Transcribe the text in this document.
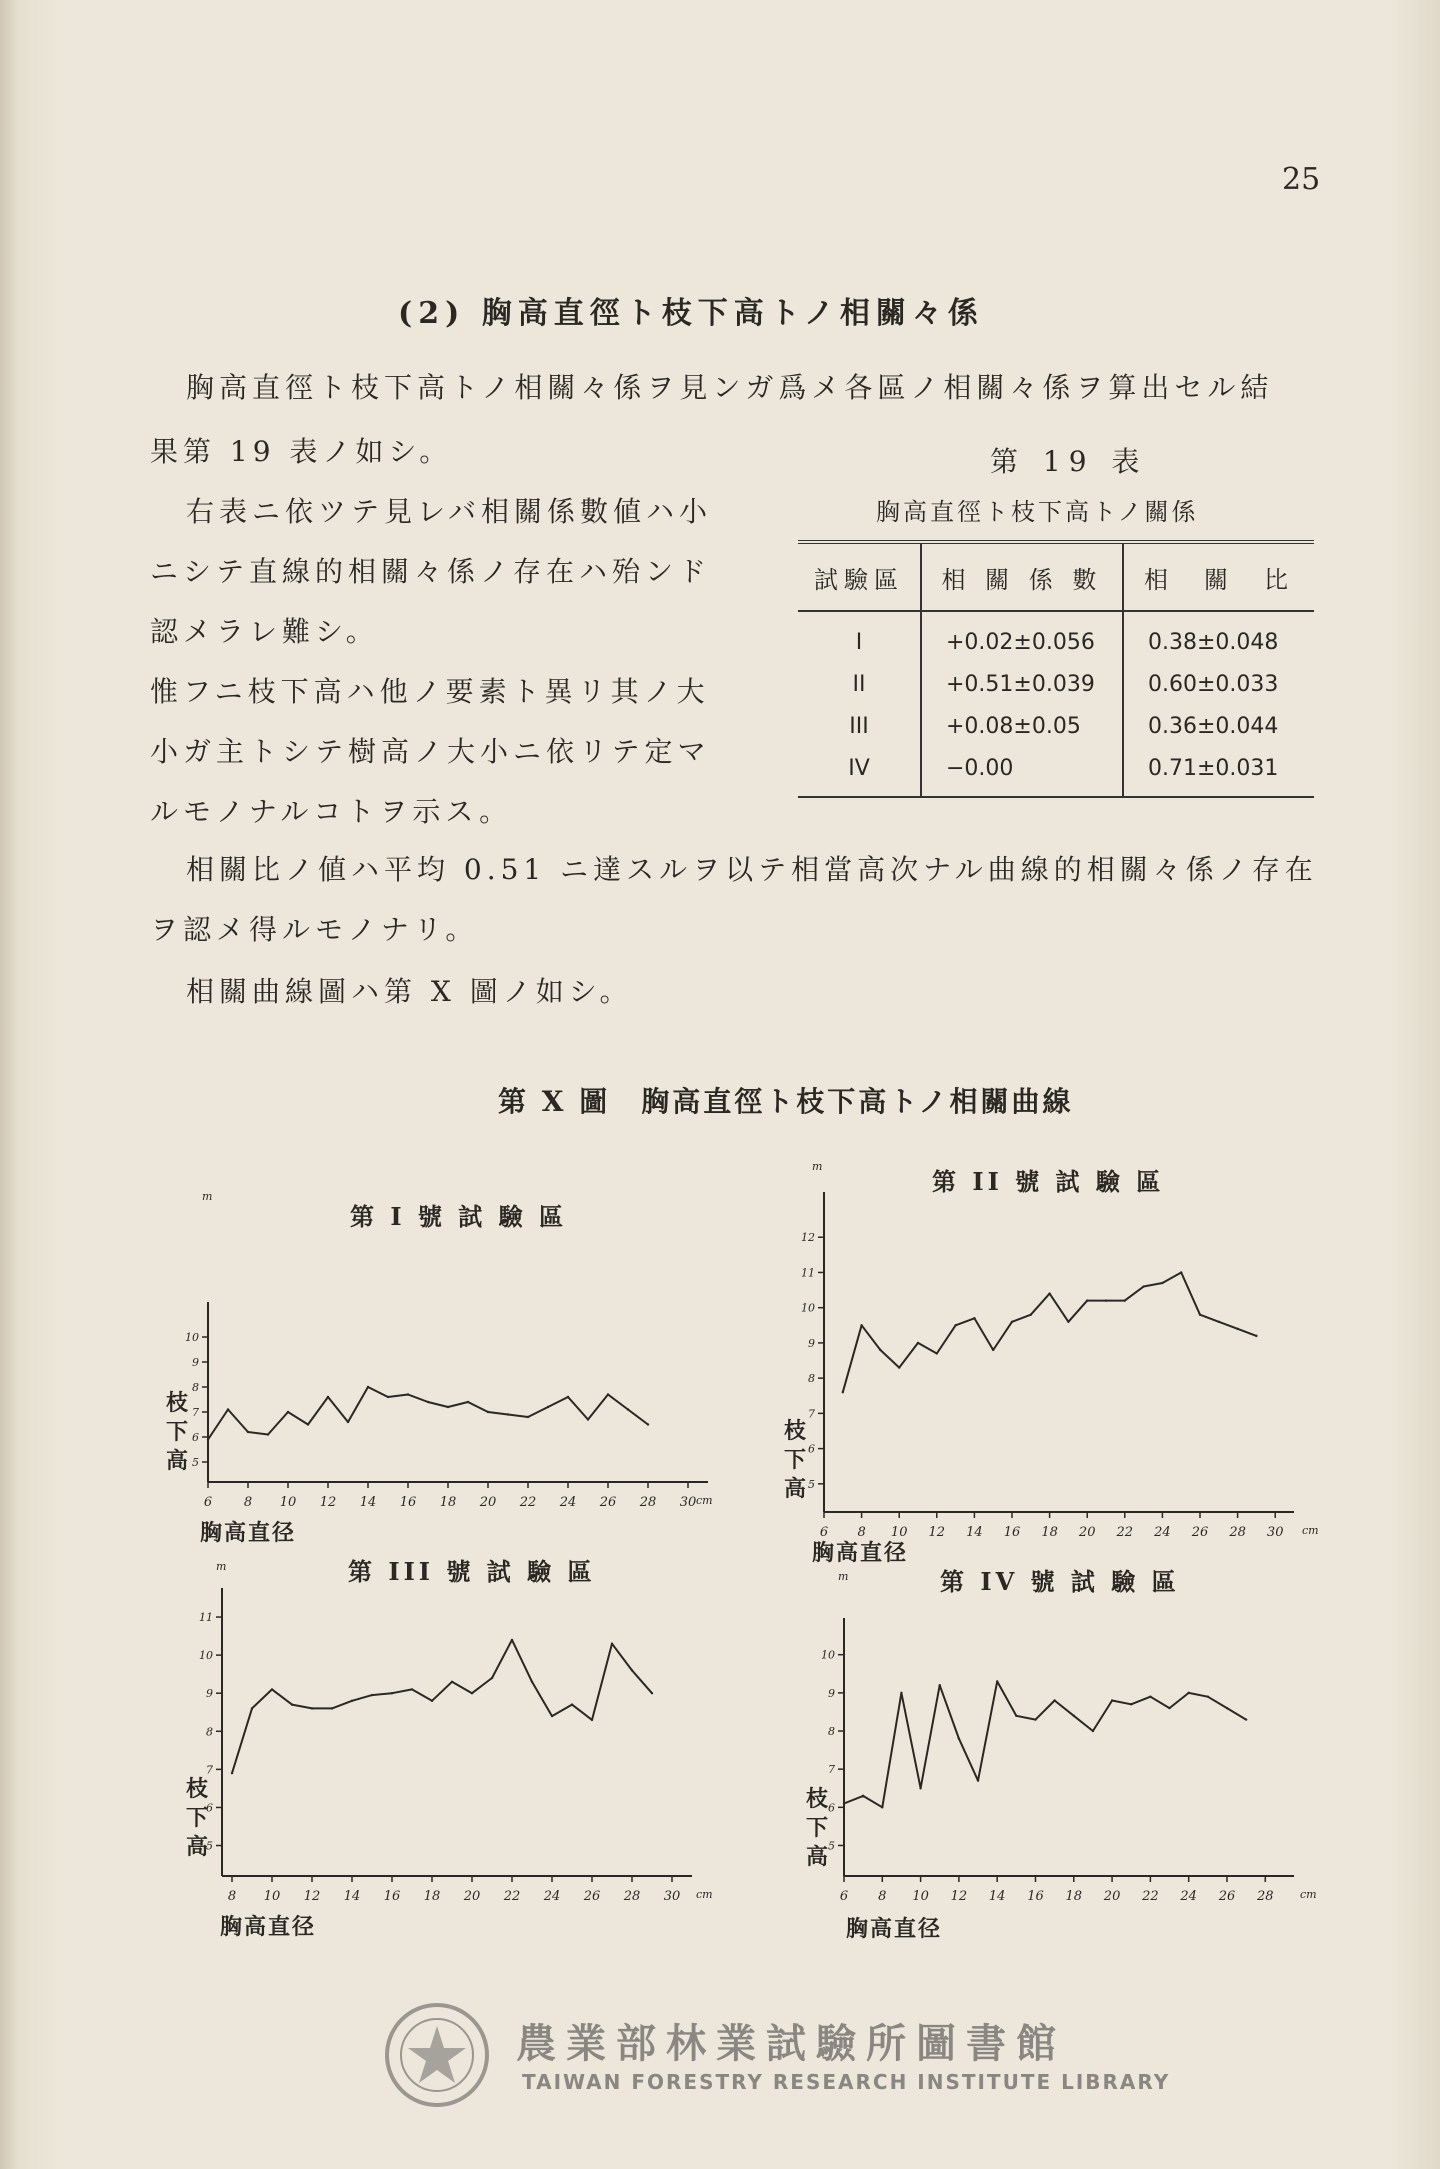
25
(2) 胸高直徑ト枝下高トノ相關々係
胸高直徑ト枝下高トノ相關々係ヲ見ンガ爲メ各區ノ相關々係ヲ算出セル結
果第 19 表ノ如シ。
右表ニ依ツテ見レバ相關係數値ハ小
ニシテ直線的相關々係ノ存在ハ殆ンド
認メラレ難シ。
惟フニ枝下高ハ他ノ要素ト異リ其ノ大
小ガ主トシテ樹高ノ大小ニ依リテ定マ
ルモノナルコトヲ示ス。
相關比ノ値ハ平均 0.51 ニ達スルヲ以テ相當高次ナル曲線的相關々係ノ存在
ヲ認メ得ルモノナリ。
相關曲線圖ハ第 X 圖ノ如シ。
第 19 表
胸高直徑ト枝下高トノ關係
試驗區	相 關 係 數	相　關　比
I	+0.02±0.056	0.38±0.048
II	+0.51±0.039	0.60±0.033
III	+0.08±0.05	0.36±0.044
IV	−0.00	0.71±0.031
第 X 圖　胸高直徑ト枝下高トノ相關曲線
第 I 號 試 驗 區
6 8 10 12 14 16 18 20 22 24 26 28 30
5
6
7
8
9
10
m
cm
枝下高
胸高直径
第 II 號 試 驗 區
6 8 10 12 14 16 18 20 22 24 26 28 30
5
6
7
8
9
10
11
12
m
cm
枝下高
胸高直径
第 III 號 試 驗 區
8 10 12 14 16 18 20 22 24 26 28 30
5
6
7
8
9
10
11
m
cm
枝下高
胸高直径
第 IV 號 試 驗 區
6 8 10 12 14 16 18 20 22 24 26 28
5
6
7
8
9
10
m
cm
枝下高
胸高直径
農業部林業試驗所圖書館
TAIWAN FORESTRY RESEARCH INSTITUTE LIBRARY
